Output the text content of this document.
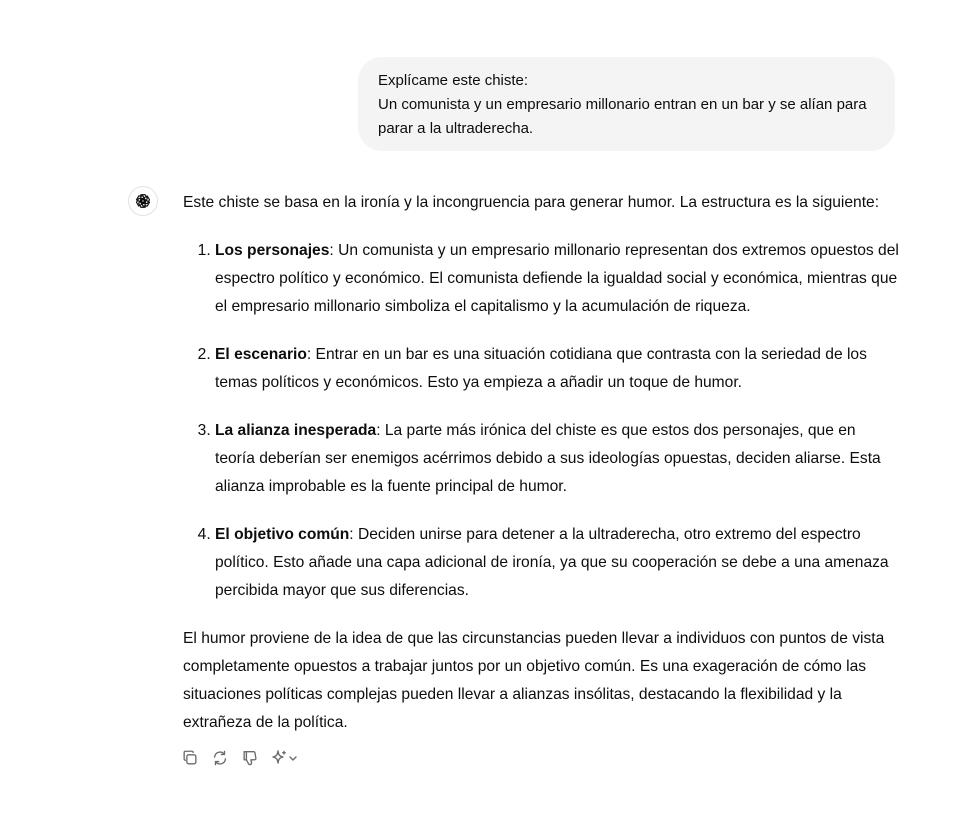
Explícame este chiste:

Un comunista y un empresario millonario entran en un bar y se alían para parar a la ultraderecha.

Este chiste se basa en la ironía y la incongruencia para generar humor. La estructura es la siguiente:

1. Los personajes: Un comunista y un empresario millonario representan dos extremos opuestos del espectro político y económico. El comunista defiende la igualdad social y económica, mientras que el empresario millonario simboliza el capitalismo y la acumulación de riqueza.
2. El escenario: Entrar en un bar es una situación cotidiana que contrasta con la seriedad de los temas políticos y económicos. Esto ya empieza a añadir un toque de humor.
3. La alianza inesperada: La parte más irónica del chiste es que estos dos personajes, que en teoría deberían ser enemigos acérrimos debido a sus ideologías opuestas, deciden aliarse. Esta alianza improbable es la fuente principal de humor.
4. El objetivo común: Deciden unirse para detener a la ultraderecha, otro extremo del espectro político. Esto añade una capa adicional de ironía, ya que su cooperación se debe a una amenaza percibida mayor que sus diferencias.

El humor proviene de la idea de que las circunstancias pueden llevar a individuos con puntos de vista completamente opuestos a trabajar juntos por un objetivo común. Es una exageración de cómo las situaciones políticas complejas pueden llevar a alianzas insólitas, destacando la flexibilidad y la extrañeza de la política.
